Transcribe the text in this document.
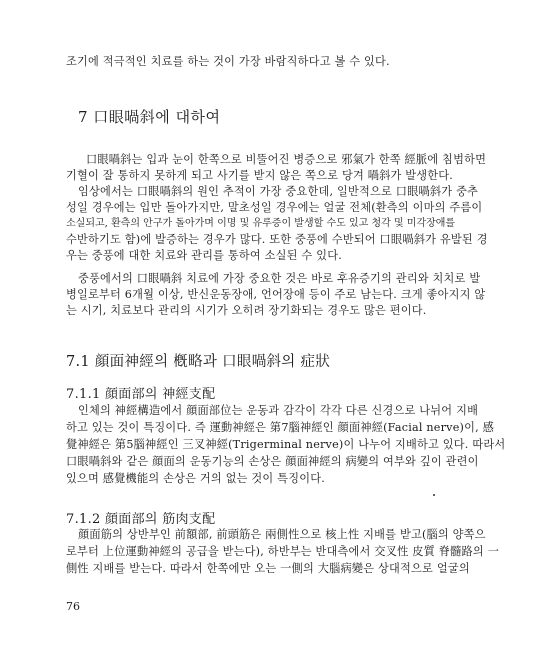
조기에 적극적인 치료를 하는 것이 가장 바람직하다고 볼 수 있다.
7 口眼喎斜에 대하여
口眼喎斜는 입과 눈이 한쪽으로 비뚤어진 병증으로 邪氣가 한쪽 經脈에 침범하면
기혈이 잘 통하지 못하게 되고 사기를 받지 않은 쪽으로 당겨 喎斜가 발생한다.
임상에서는 口眼喎斜의 원인 추적이 가장 중요한데, 일반적으로 口眼喎斜가 중추
성일 경우에는 입만 돌아가지만, 말초성일 경우에는 얼굴 전체(환측의 이마의 주름이
소실되고, 환측의 안구가 돌아가며 이명 및 유루증이 발생할 수도 있고 청각 및 미각장애를
수반하기도 함)에 발증하는 경우가 많다. 또한 중풍에 수반되어 口眼喎斜가 유발된 경
우는 중풍에 대한 치료와 관리를 통하여 소실된 수 있다.
중풍에서의 口眼喎斜 치료에 가장 중요한 것은 바로 후유증기의 관리와 치치로 발
병일로부터 6개월 이상, 반신운동장애, 언어장애 등이 주로 남는다. 크게 좋아지지 않
는 시기, 치료보다 관리의 시기가 오히려 장기화되는 경우도 많은 편이다.
7.1 顔面神經의 槪略과 口眼喎斜의 症狀
7.1.1 顔面部의 神經支配
인체의 神經構造에서 顔面部位는 운동과 감각이 각각 다른 신경으로 나뉘어 지배
하고 있는 것이 특징이다. 즉 運動神經은 第7腦神經인 顔面神經(Facial nerve)이, 感
覺神經은 第5腦神經인 三叉神經(Trigerminal nerve)이 나누어 지배하고 있다. 따라서
口眼喎斜와 같은 顔面의 운동기능의 손상은 顔面神經의 病變의 여부와 깊이 관련이
있으며 感覺機能의 손상은 거의 없는 것이 특징이다.
7.1.2 顔面部의 筋肉支配
顔面筋의 상반부인 前額部, 前頭筋은 兩側性으로 核上性 지배를 받고(腦의 양쪽으
로부터 上位運動神經의 공급을 받는다), 하반부는 반대측에서 交叉性 皮質 脊髓路의 一
側性 지배를 받는다. 따라서 한쪽에만 오는 一側의 大腦病變은 상대적으로 얼굴의
76
